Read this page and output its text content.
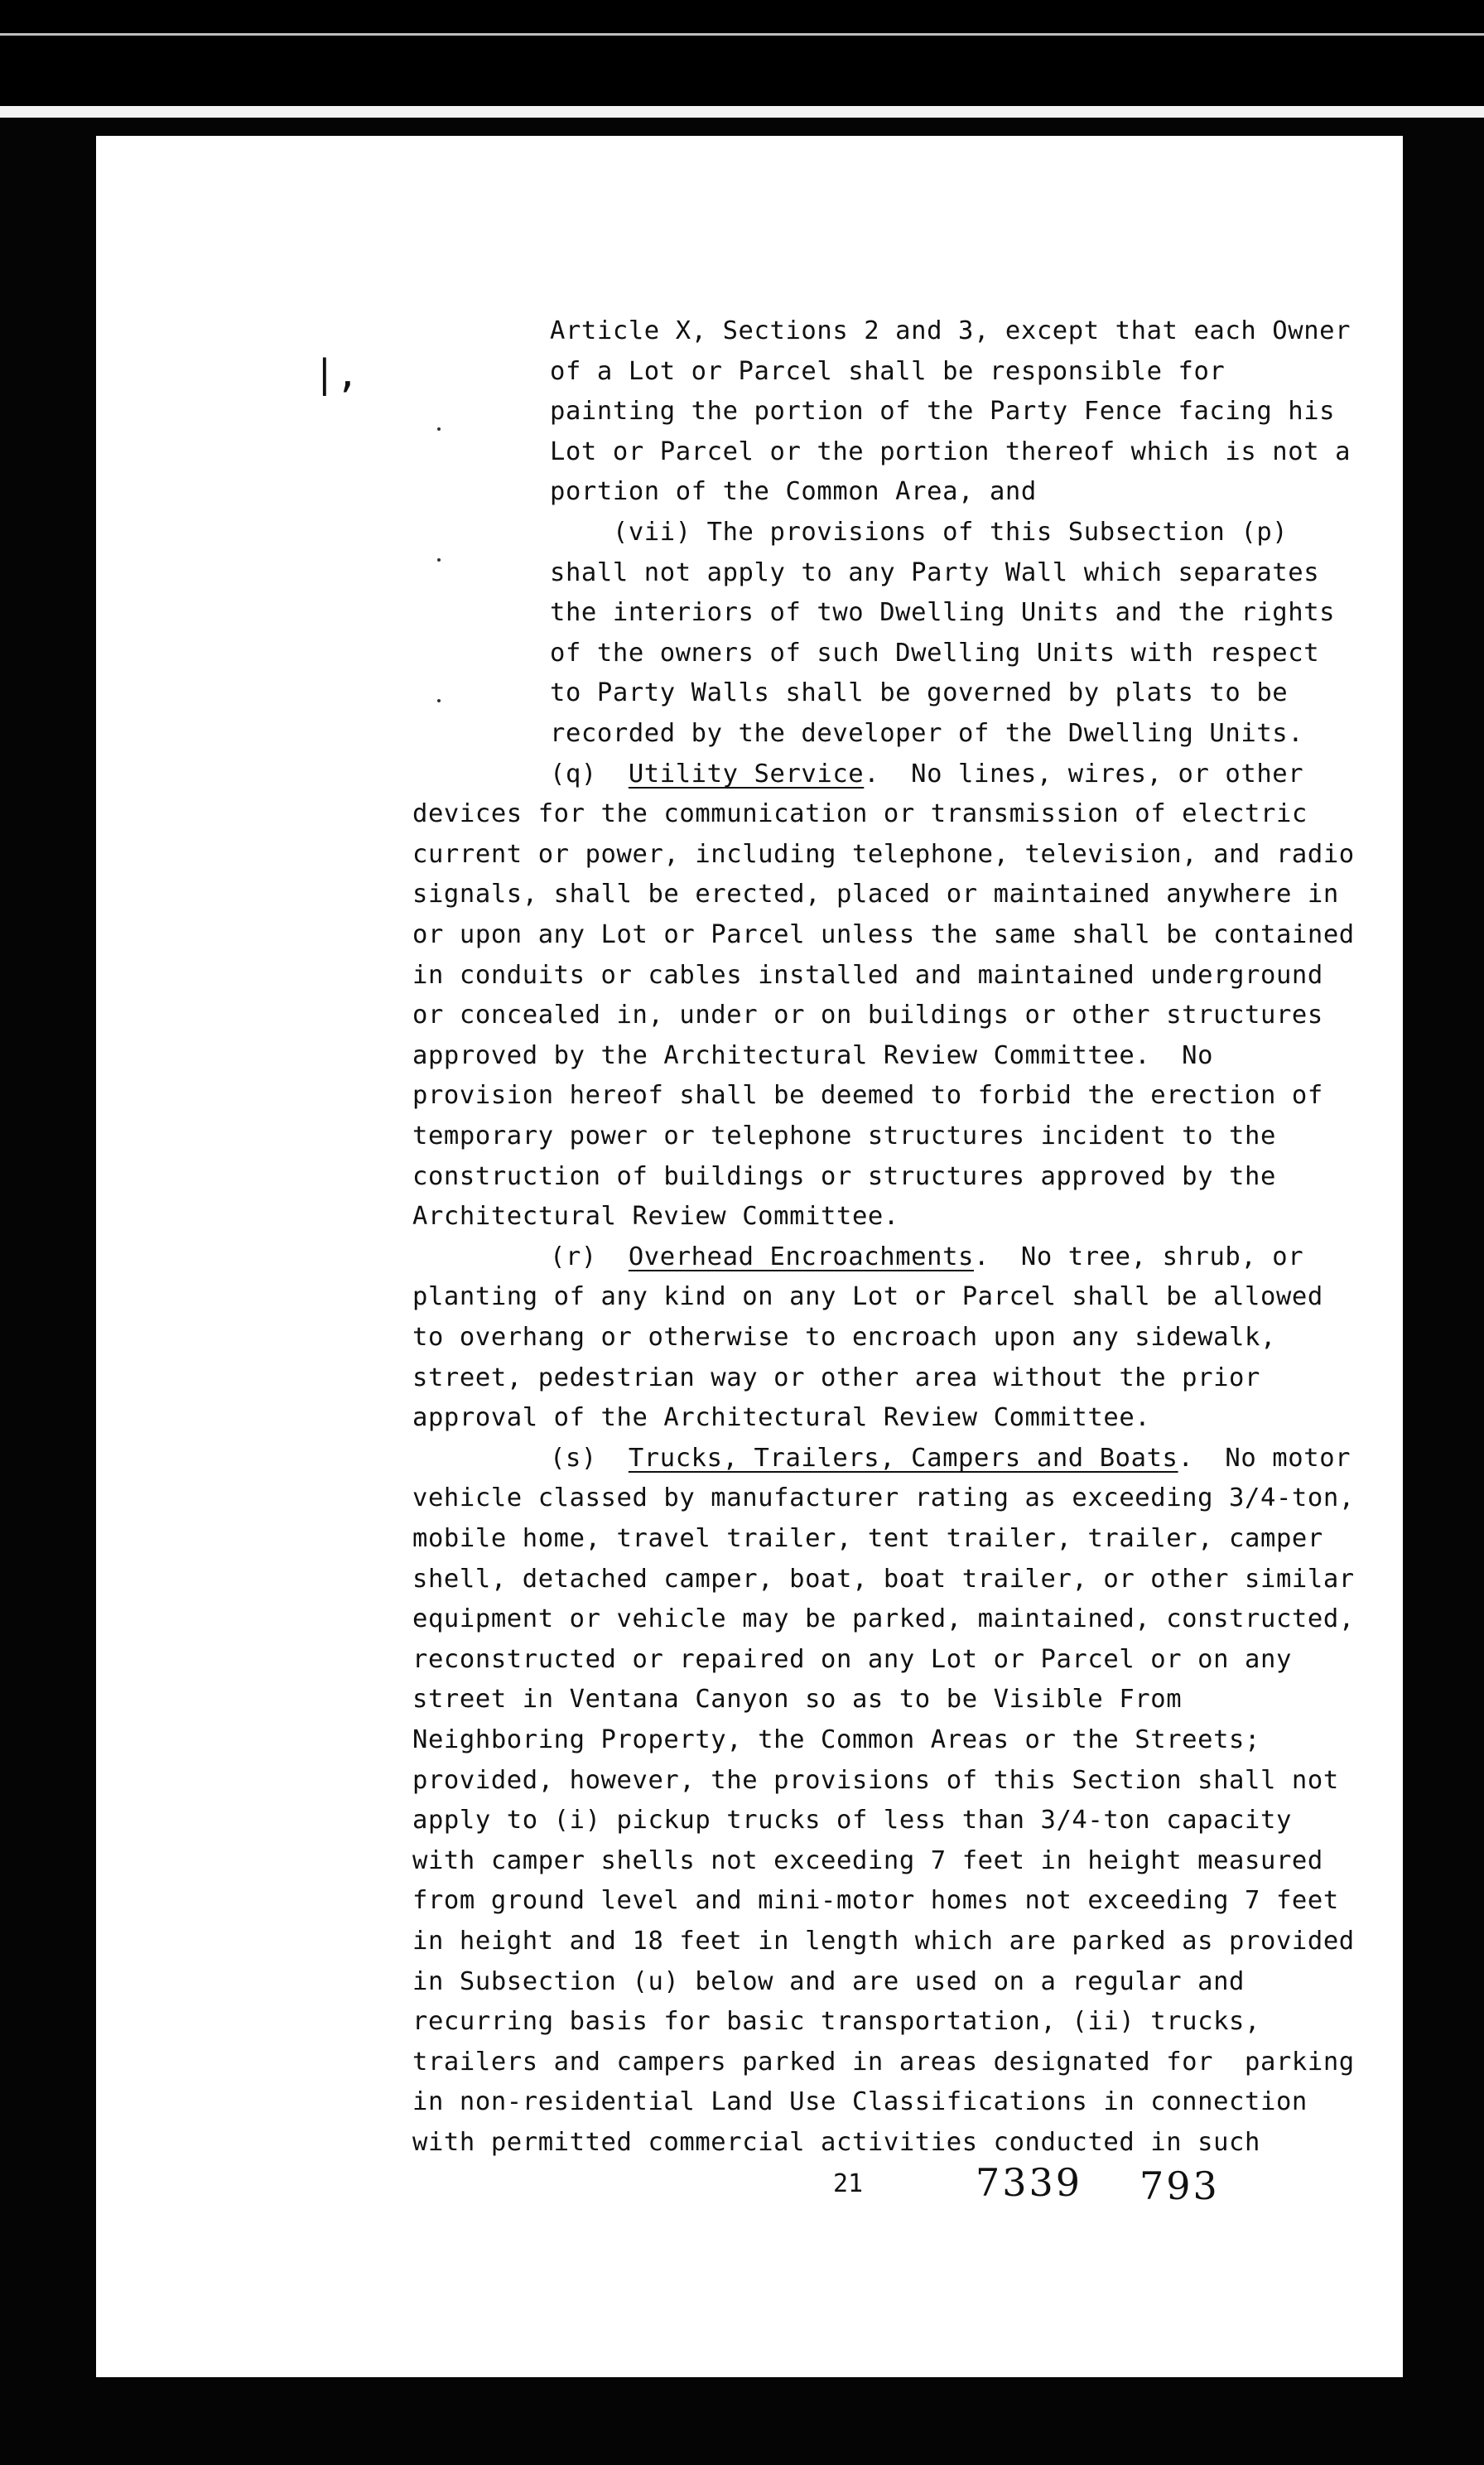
|,
Article X, Sections 2 and 3, except that each Owner
of a Lot or Parcel shall be responsible for
painting the portion of the Party Fence facing his
Lot or Parcel or the portion thereof which is not a
portion of the Common Area, and
(vii) The provisions of this Subsection (p)
shall not apply to any Party Wall which separates
the interiors of two Dwelling Units and the rights
of the owners of such Dwelling Units with respect
to Party Walls shall be governed by plats to be
recorded by the developer of the Dwelling Units.
(q) Utility Service.  No lines, wires, or other
devices for the communication or transmission of electric
current or power, including telephone, television, and radio
signals, shall be erected, placed or maintained anywhere in
or upon any Lot or Parcel unless the same shall be contained
in conduits or cables installed and maintained underground
or concealed in, under or on buildings or other structures
approved by the Architectural Review Committee.  No
provision hereof shall be deemed to forbid the erection of
temporary power or telephone structures incident to the
construction of buildings or structures approved by the
Architectural Review Committee.
(r) Overhead Encroachments.  No tree, shrub, or
planting of any kind on any Lot or Parcel shall be allowed
to overhang or otherwise to encroach upon any sidewalk,
street, pedestrian way or other area without the prior
approval of the Architectural Review Committee.
(s) Trucks, Trailers, Campers and Boats.  No motor
vehicle classed by manufacturer rating as exceeding 3/4-ton,
mobile home, travel trailer, tent trailer, trailer, camper
shell, detached camper, boat, boat trailer, or other similar
equipment or vehicle may be parked, maintained, constructed,
reconstructed or repaired on any Lot or Parcel or on any
street in Ventana Canyon so as to be Visible From
Neighboring Property, the Common Areas or the Streets;
provided, however, the provisions of this Section shall not
apply to (i) pickup trucks of less than 3/4-ton capacity
with camper shells not exceeding 7 feet in height measured
from ground level and mini-motor homes not exceeding 7 feet
in height and 18 feet in length which are parked as provided
in Subsection (u) below and are used on a regular and
recurring basis for basic transportation, (ii) trucks,
trailers and campers parked in areas designated for  parking
in non-residential Land Use Classifications in connection
with permitted commercial activities conducted in such
21	7339 793
